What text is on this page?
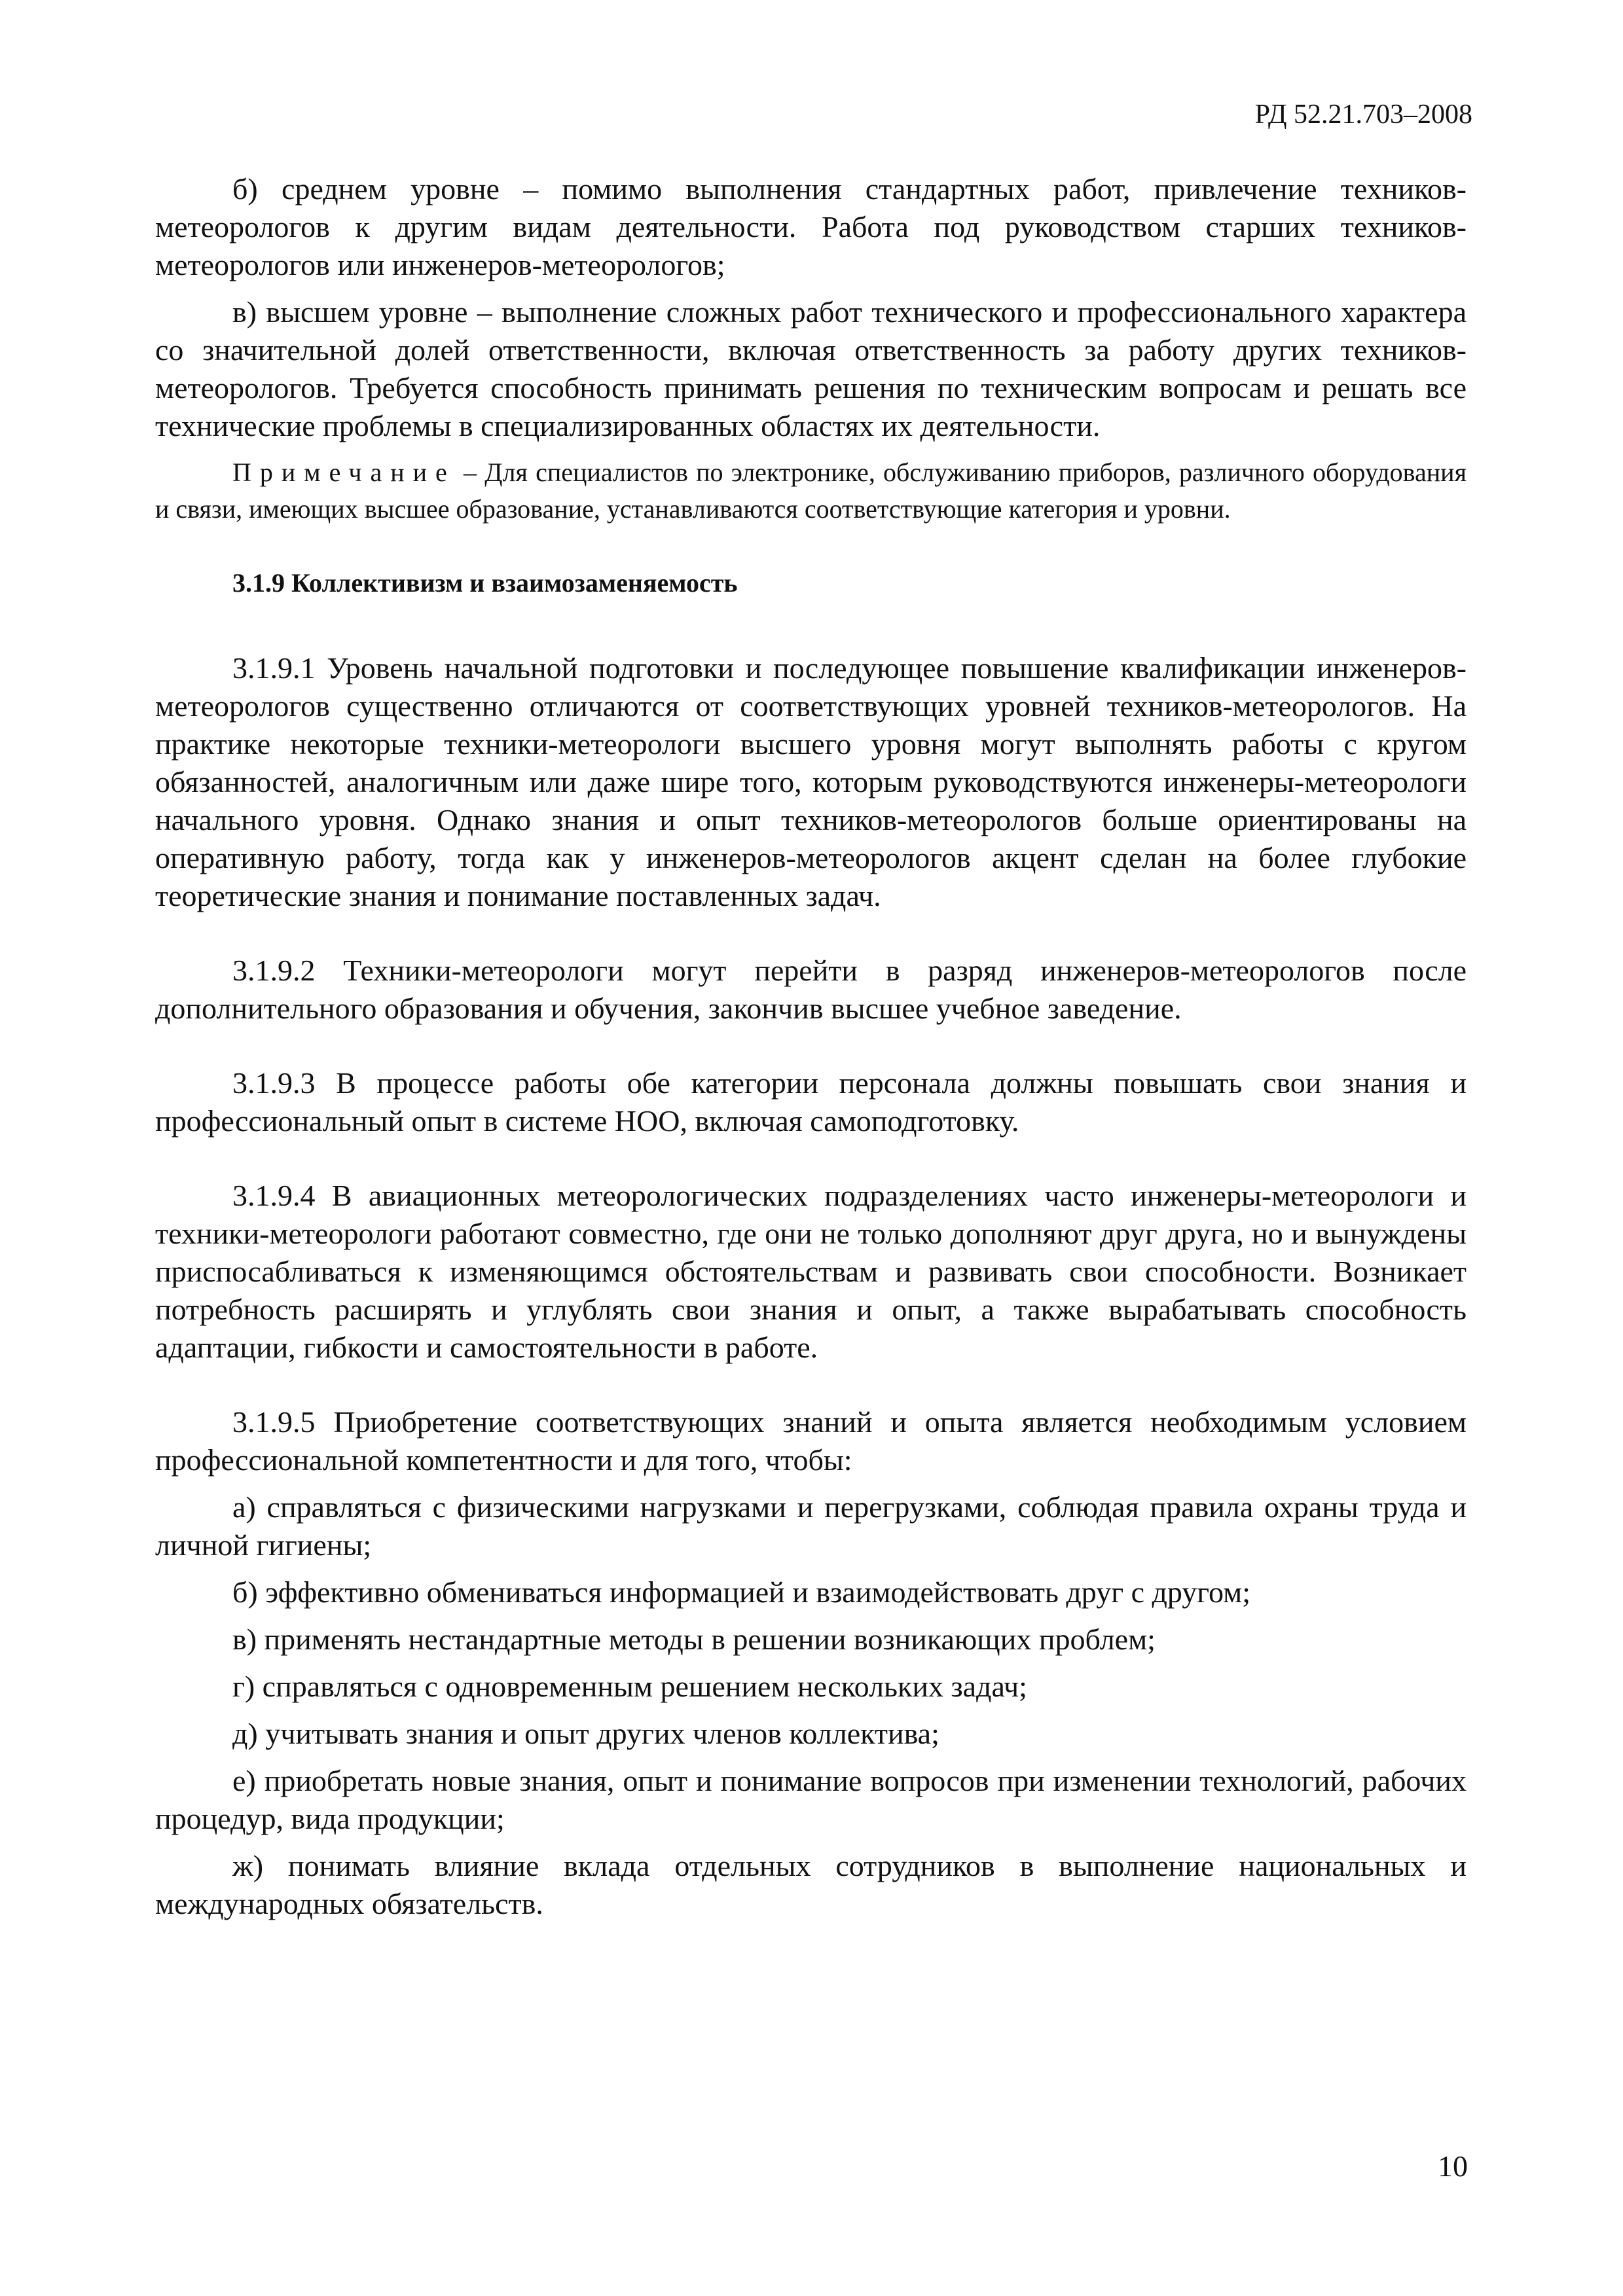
РД 52.21.703–2008

б) среднем уровне – помимо выполнения стандартных работ, привлечение техников-метеорологов к другим видам деятельности. Работа под руководством старших техников-метеорологов или инженеров-метеорологов;

в) высшем уровне – выполнение сложных работ технического и профессионального характера со значительной долей ответственности, включая ответственность за работу других техников-метеорологов. Требуется способность принимать решения по техническим вопросам и решать все технические проблемы в специализированных областях их деятельности.

Примечание – Для специалистов по электронике, обслуживанию приборов, различного оборудования и связи, имеющих высшее образование, устанавливаются соответствующие категория и уровни.

3.1.9 Коллективизм и взаимозаменяемость

3.1.9.1 Уровень начальной подготовки и последующее повышение квалификации инженеров-метеорологов существенно отличаются от соответствующих уровней техников-метеорологов. На практике некоторые техники-метеорологи высшего уровня могут выполнять работы с кругом обязанностей, аналогичным или даже шире того, которым руководствуются инженеры-метеорологи начального уровня. Однако знания и опыт техников-метеорологов больше ориентированы на оперативную работу, тогда как у инженеров-метеорологов акцент сделан на более глубокие теоретические знания и понимание поставленных задач.

3.1.9.2 Техники-метеорологи могут перейти в разряд инженеров-метеорологов после дополнительного образования и обучения, закончив высшее учебное заведение.

3.1.9.3 В процессе работы обе категории персонала должны повышать свои знания и профессиональный опыт в системе НОО, включая самоподготовку.

3.1.9.4 В авиационных метеорологических подразделениях часто инженеры-метеорологи и техники-метеорологи работают совместно, где они не только дополняют друг друга, но и вынуждены приспосабливаться к изменяющимся обстоятельствам и развивать свои способности. Возникает потребность расширять и углублять свои знания и опыт, а также вырабатывать способность адаптации, гибкости и самостоятельности в работе.

3.1.9.5 Приобретение соответствующих знаний и опыта является необходимым условием профессиональной компетентности и для того, чтобы:

а) справляться с физическими нагрузками и перегрузками, соблюдая правила охраны труда и личной гигиены;

б) эффективно обмениваться информацией и взаимодействовать друг с другом;

в) применять нестандартные методы в решении возникающих проблем;

г) справляться с одновременным решением нескольких задач;

д) учитывать знания и опыт других членов коллектива;

е) приобретать новые знания, опыт и понимание вопросов при изменении технологий, рабочих процедур, вида продукции;

ж) понимать влияние вклада отдельных сотрудников в выполнение национальных и международных обязательств.

10
